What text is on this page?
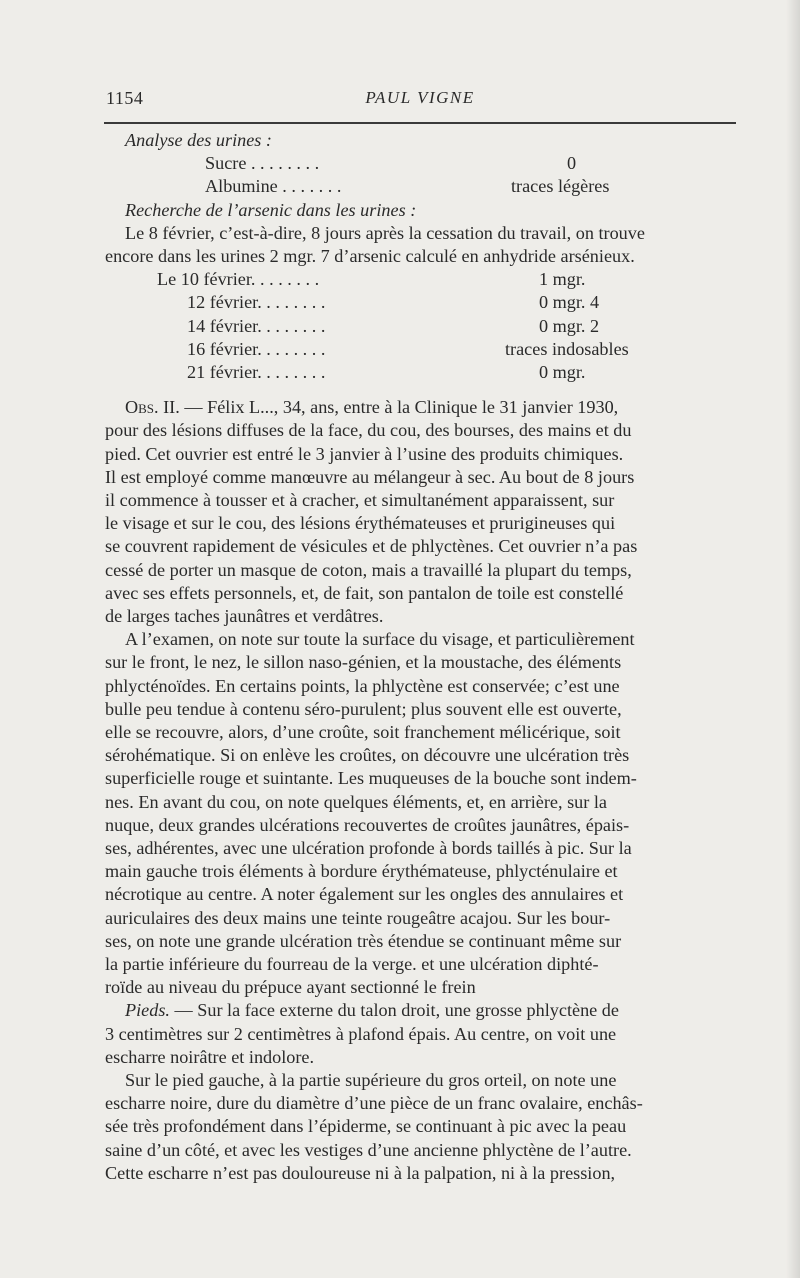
1154	PAUL VIGNE
Analyse des urines :
Sucre . . . . . . . .	0
Albumine . . . . . . .	traces légères
Recherche de l’arsenic dans les urines :
Le 8 février, c’est-à-dire, 8 jours après la cessation du travail, on trouve
encore dans les urines 2 mgr. 7 d’arsenic calculé en anhydride arsénieux.
Le 10 février. . . . . . . .	1 mgr.
12 février. . . . . . . .	0 mgr. 4
14 février. . . . . . . .	0 mgr. 2
16 février. . . . . . . .	traces indosables
21 février. . . . . . . .	0 mgr.
Obs. II. — Félix L..., 34, ans, entre à la Clinique le 31 janvier 1930,
pour des lésions diffuses de la face, du cou, des bourses, des mains et du
pied. Cet ouvrier est entré le 3 janvier à l’usine des produits chimiques.
Il est employé comme manœuvre au mélangeur à sec. Au bout de 8 jours
il commence à tousser et à cracher, et simultanément apparaissent, sur
le visage et sur le cou, des lésions érythémateuses et prurigineuses qui
se couvrent rapidement de vésicules et de phlyctènes. Cet ouvrier n’a pas
cessé de porter un masque de coton, mais a travaillé la plupart du temps,
avec ses effets personnels, et, de fait, son pantalon de toile est constellé
de larges taches jaunâtres et verdâtres.
A l’examen, on note sur toute la surface du visage, et particulièrement
sur le front, le nez, le sillon naso-génien, et la moustache, des éléments
phlycténoïdes. En certains points, la phlyctène est conservée; c’est une
bulle peu tendue à contenu séro-purulent; plus souvent elle est ouverte,
elle se recouvre, alors, d’une croûte, soit franchement mélicérique, soit
sérohématique. Si on enlève les croûtes, on découvre une ulcération très
superficielle rouge et suintante. Les muqueuses de la bouche sont indem-
nes. En avant du cou, on note quelques éléments, et, en arrière, sur la
nuque, deux grandes ulcérations recouvertes de croûtes jaunâtres, épais-
ses, adhérentes, avec une ulcération profonde à bords taillés à pic. Sur la
main gauche trois éléments à bordure érythémateuse, phlycténulaire et
nécrotique au centre. A noter également sur les ongles des annulaires et
auriculaires des deux mains une teinte rougeâtre acajou. Sur les bour-
ses, on note une grande ulcération très étendue se continuant même sur
la partie inférieure du fourreau de la verge. et une ulcération diphté-
roïde au niveau du prépuce ayant sectionné le frein
Pieds. — Sur la face externe du talon droit, une grosse phlyctène de
3 centimètres sur 2 centimètres à plafond épais. Au centre, on voit une
escharre noirâtre et indolore.
Sur le pied gauche, à la partie supérieure du gros orteil, on note une
escharre noire, dure du diamètre d’une pièce de un franc ovalaire, enchâs-
sée très profondément dans l’épiderme, se continuant à pic avec la peau
saine d’un côté, et avec les vestiges d’une ancienne phlyctène de l’autre.
Cette escharre n’est pas douloureuse ni à la palpation, ni à la pression,
